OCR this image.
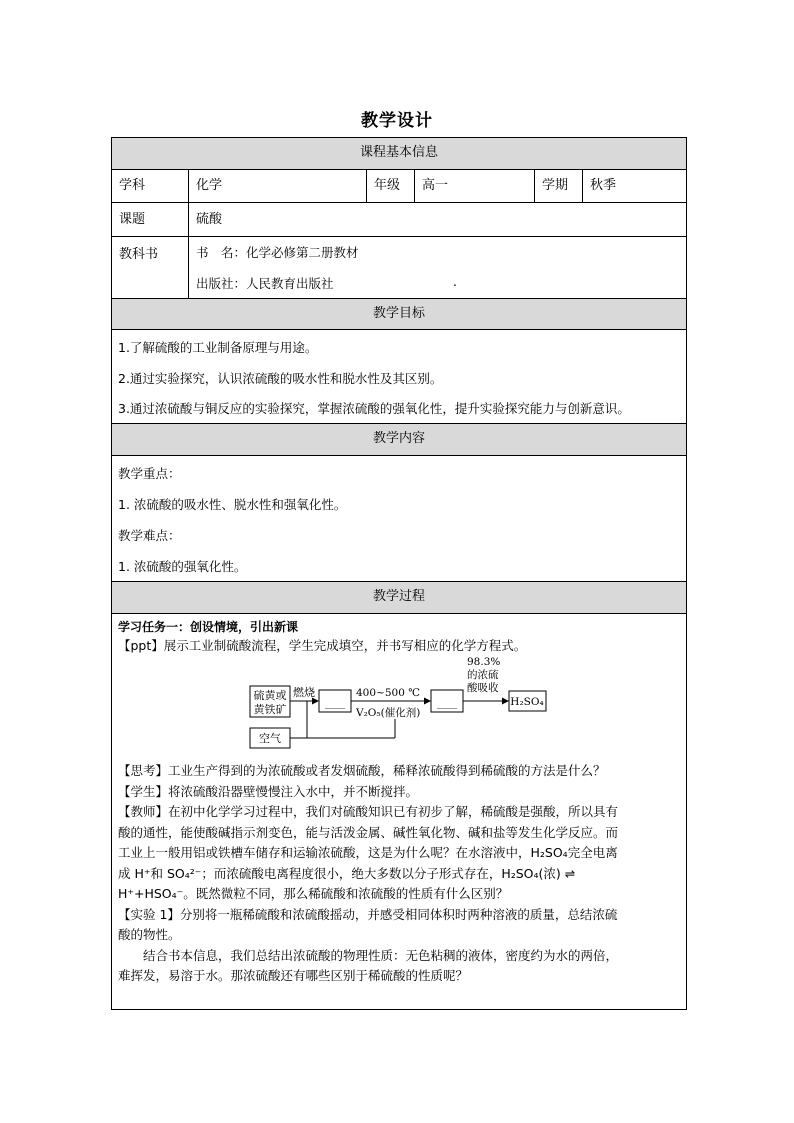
教学设计
课程基本信息
学科	化学	年级	高一	学期	秋季
课题	硫酸
教科书	书　名：化学必修第二册教材
出版社：人民教育出版社	.
教学目标
1.了解硫酸的工业制备原理与用途。
2.通过实验探究，认识浓硫酸的吸水性和脱水性及其区别。
3.通过浓硫酸与铜反应的实验探究，掌握浓硫酸的强氧化性，提升实验探究能力与创新意识。
教学内容
教学重点：
1. 浓硫酸的吸水性、脱水性和强氧化性。
教学难点：
1. 浓硫酸的强氧化性。
教学过程
学习任务一：创设情境，引出新课
【ppt】展示工业制硫酸流程，学生完成填空，并书写相应的化学方程式。
硫黄或
黄铁矿
燃烧
____
400~500 ℃
V₂O₅(催化剂)
____
98.3%
的浓硫
酸吸收
H₂SO₄
空气
【思考】工业生产得到的为浓硫酸或者发烟硫酸，稀释浓硫酸得到稀硫酸的方法是什么？
【学生】将浓硫酸沿器壁慢慢注入水中，并不断搅拌。
【教师】在初中化学学习过程中，我们对硫酸知识已有初步了解，稀硫酸是强酸，所以具有
酸的通性，能使酸碱指示剂变色，能与活泼金属、碱性氧化物、碱和盐等发生化学反应。而
工业上一般用铝或铁槽车储存和运输浓硫酸，这是为什么呢？在水溶液中，H₂SO₄完全电离
成 H⁺和 SO₄²⁻；而浓硫酸电离程度很小，绝大多数以分子形式存在，H₂SO₄(浓) ⇌
H⁺+HSO₄⁻。既然微粒不同，那么稀硫酸和浓硫酸的性质有什么区别？
【实验 1】分别将一瓶稀硫酸和浓硫酸摇动，并感受相同体积时两种溶液的质量，总结浓硫
酸的物性。
　　结合书本信息，我们总结出浓硫酸的物理性质：无色粘稠的液体，密度约为水的两倍，
难挥发，易溶于水。那浓硫酸还有哪些区别于稀硫酸的性质呢？
